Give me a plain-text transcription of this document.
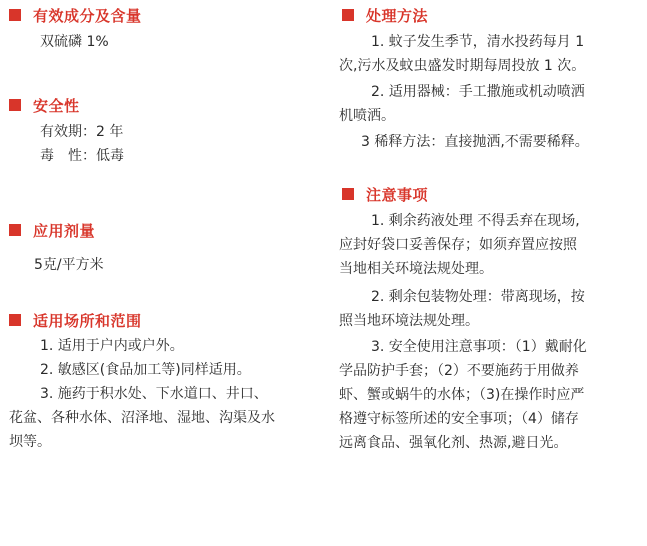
有效成分及含量
双硫磷 1%
安全性
有效期：2 年
毒　性：低毒
应用剂量
5克/平方米
适用场所和范围
1. 适用于户内或户外。
2. 敏感区(食品加工等)同样适用。
3. 施药于积水处、下水道口、井口、
花盆、各种水体、沼泽地、湿地、沟渠及水
坝等。
处理方法
1. 蚊子发生季节，清水投药每月 1
次,污水及蚊虫盛发时期每周投放 1 次。
2. 适用器械：手工撒施或机动喷洒
机喷洒。
3 稀释方法：直接抛洒,不需要稀释。
注意事项
1. 剩余药液处理 不得丢弃在现场,
应封好袋口妥善保存；如须弃置应按照
当地相关环境法规处理。
2. 剩余包装物处理：带离现场，按
照当地环境法规处理。
3. 安全使用注意事项：（1）戴耐化
学品防护手套；（2）不要施药于用做养
虾、蟹或蜗牛的水体；（3)在操作时应严
格遵守标签所述的安全事项；（4）储存
远离食品、强氧化剂、热源,避日光。
